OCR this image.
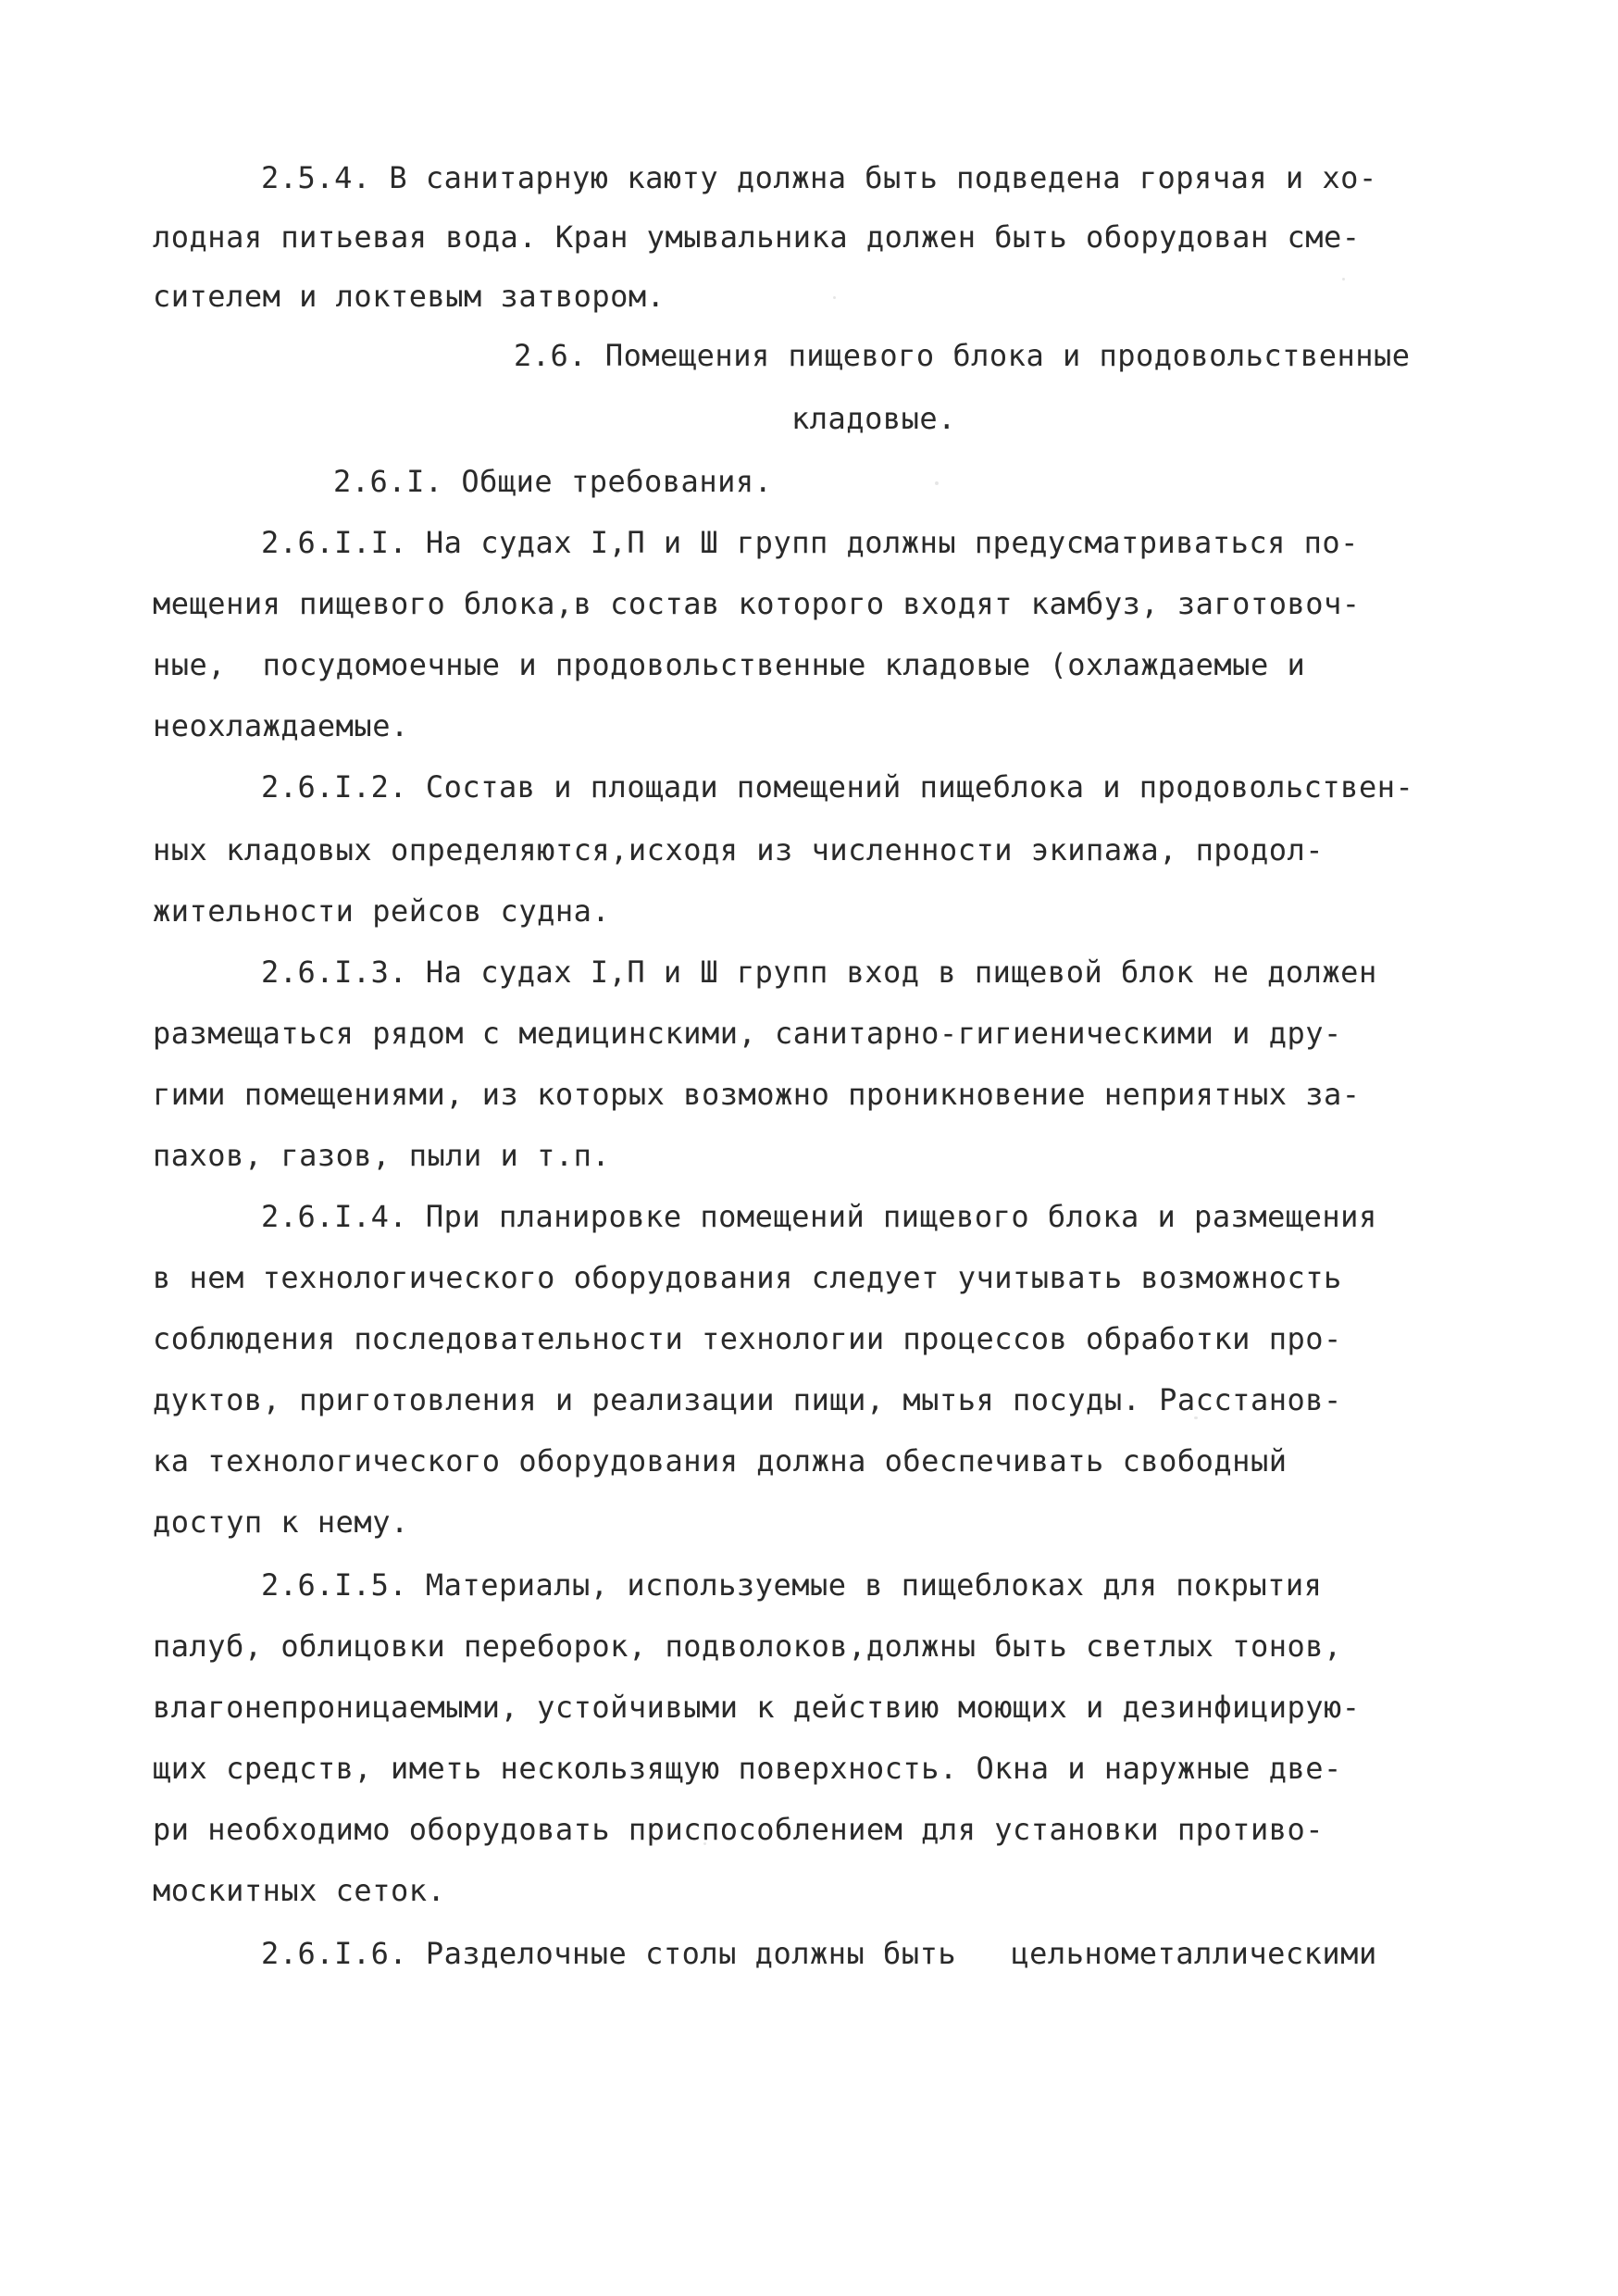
2.5.4. В санитарную каюту должна быть подведена горячая и хо-
лодная питьевая вода. Кран умывальника должен быть оборудован сме-
сителем и локтевым затвором.
2.6. Помещения пищевого блока и продовольственные
кладовые.
2.6.I. Общие требования.
2.6.I.I. На судах I,П и Ш групп должны предусматриваться по-
мещения пищевого блока,в состав которого входят камбуз, заготовоч-
ные,  посудомоечные и продовольственные кладовые (охлаждаемые и
неохлаждаемые.
2.6.I.2. Состав и площади помещений пищеблока и продовольствен-
ных кладовых определяются,исходя из численности экипажа, продол-
жительности рейсов судна.
2.6.I.3. На судах I,П и Ш групп вход в пищевой блок не должен
размещаться рядом с медицинскими, санитарно-гигиеническими и дру-
гими помещениями, из которых возможно проникновение неприятных за-
пахов, газов, пыли и т.п.
2.6.I.4. При планировке помещений пищевого блока и размещения
в нем технологического оборудования следует учитывать возможность
соблюдения последовательности технологии процессов обработки про-
дуктов, приготовления и реализации пищи, мытья посуды. Расстанов-
ка технологического оборудования должна обеспечивать свободный
доступ к нему.
2.6.I.5. Материалы, используемые в пищеблоках для покрытия
палуб, облицовки переборок, подволоков,должны быть светлых тонов,
влагонепроницаемыми, устойчивыми к действию моющих и дезинфицирую-
щих средств, иметь нескользящую поверхность. Окна и наружные две-
ри необходимо оборудовать приспособлением для установки противо-
москитных сеток.
2.6.I.6. Разделочные столы должны быть   цельнометаллическими
